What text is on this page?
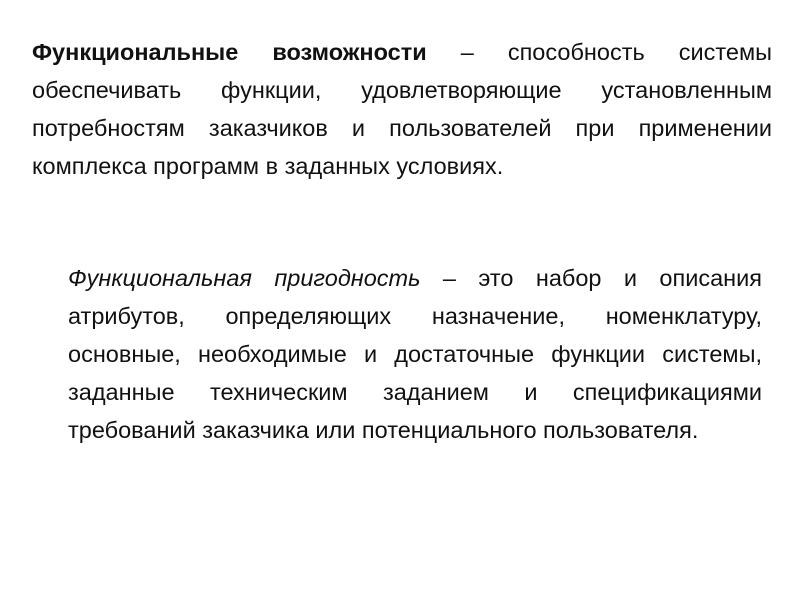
Функциональные возможности – способность системы обеспечивать функции, удовлетворяющие установленным потребностям заказчиков и пользователей при применении комплекса программ в заданных условиях.

Функциональная пригодность – это набор и описания атрибутов, определяющих назначение, номенклатуру, основные, необходимые и достаточные функции системы, заданные техническим заданием и спецификациями требований заказчика или потенциального пользователя.
